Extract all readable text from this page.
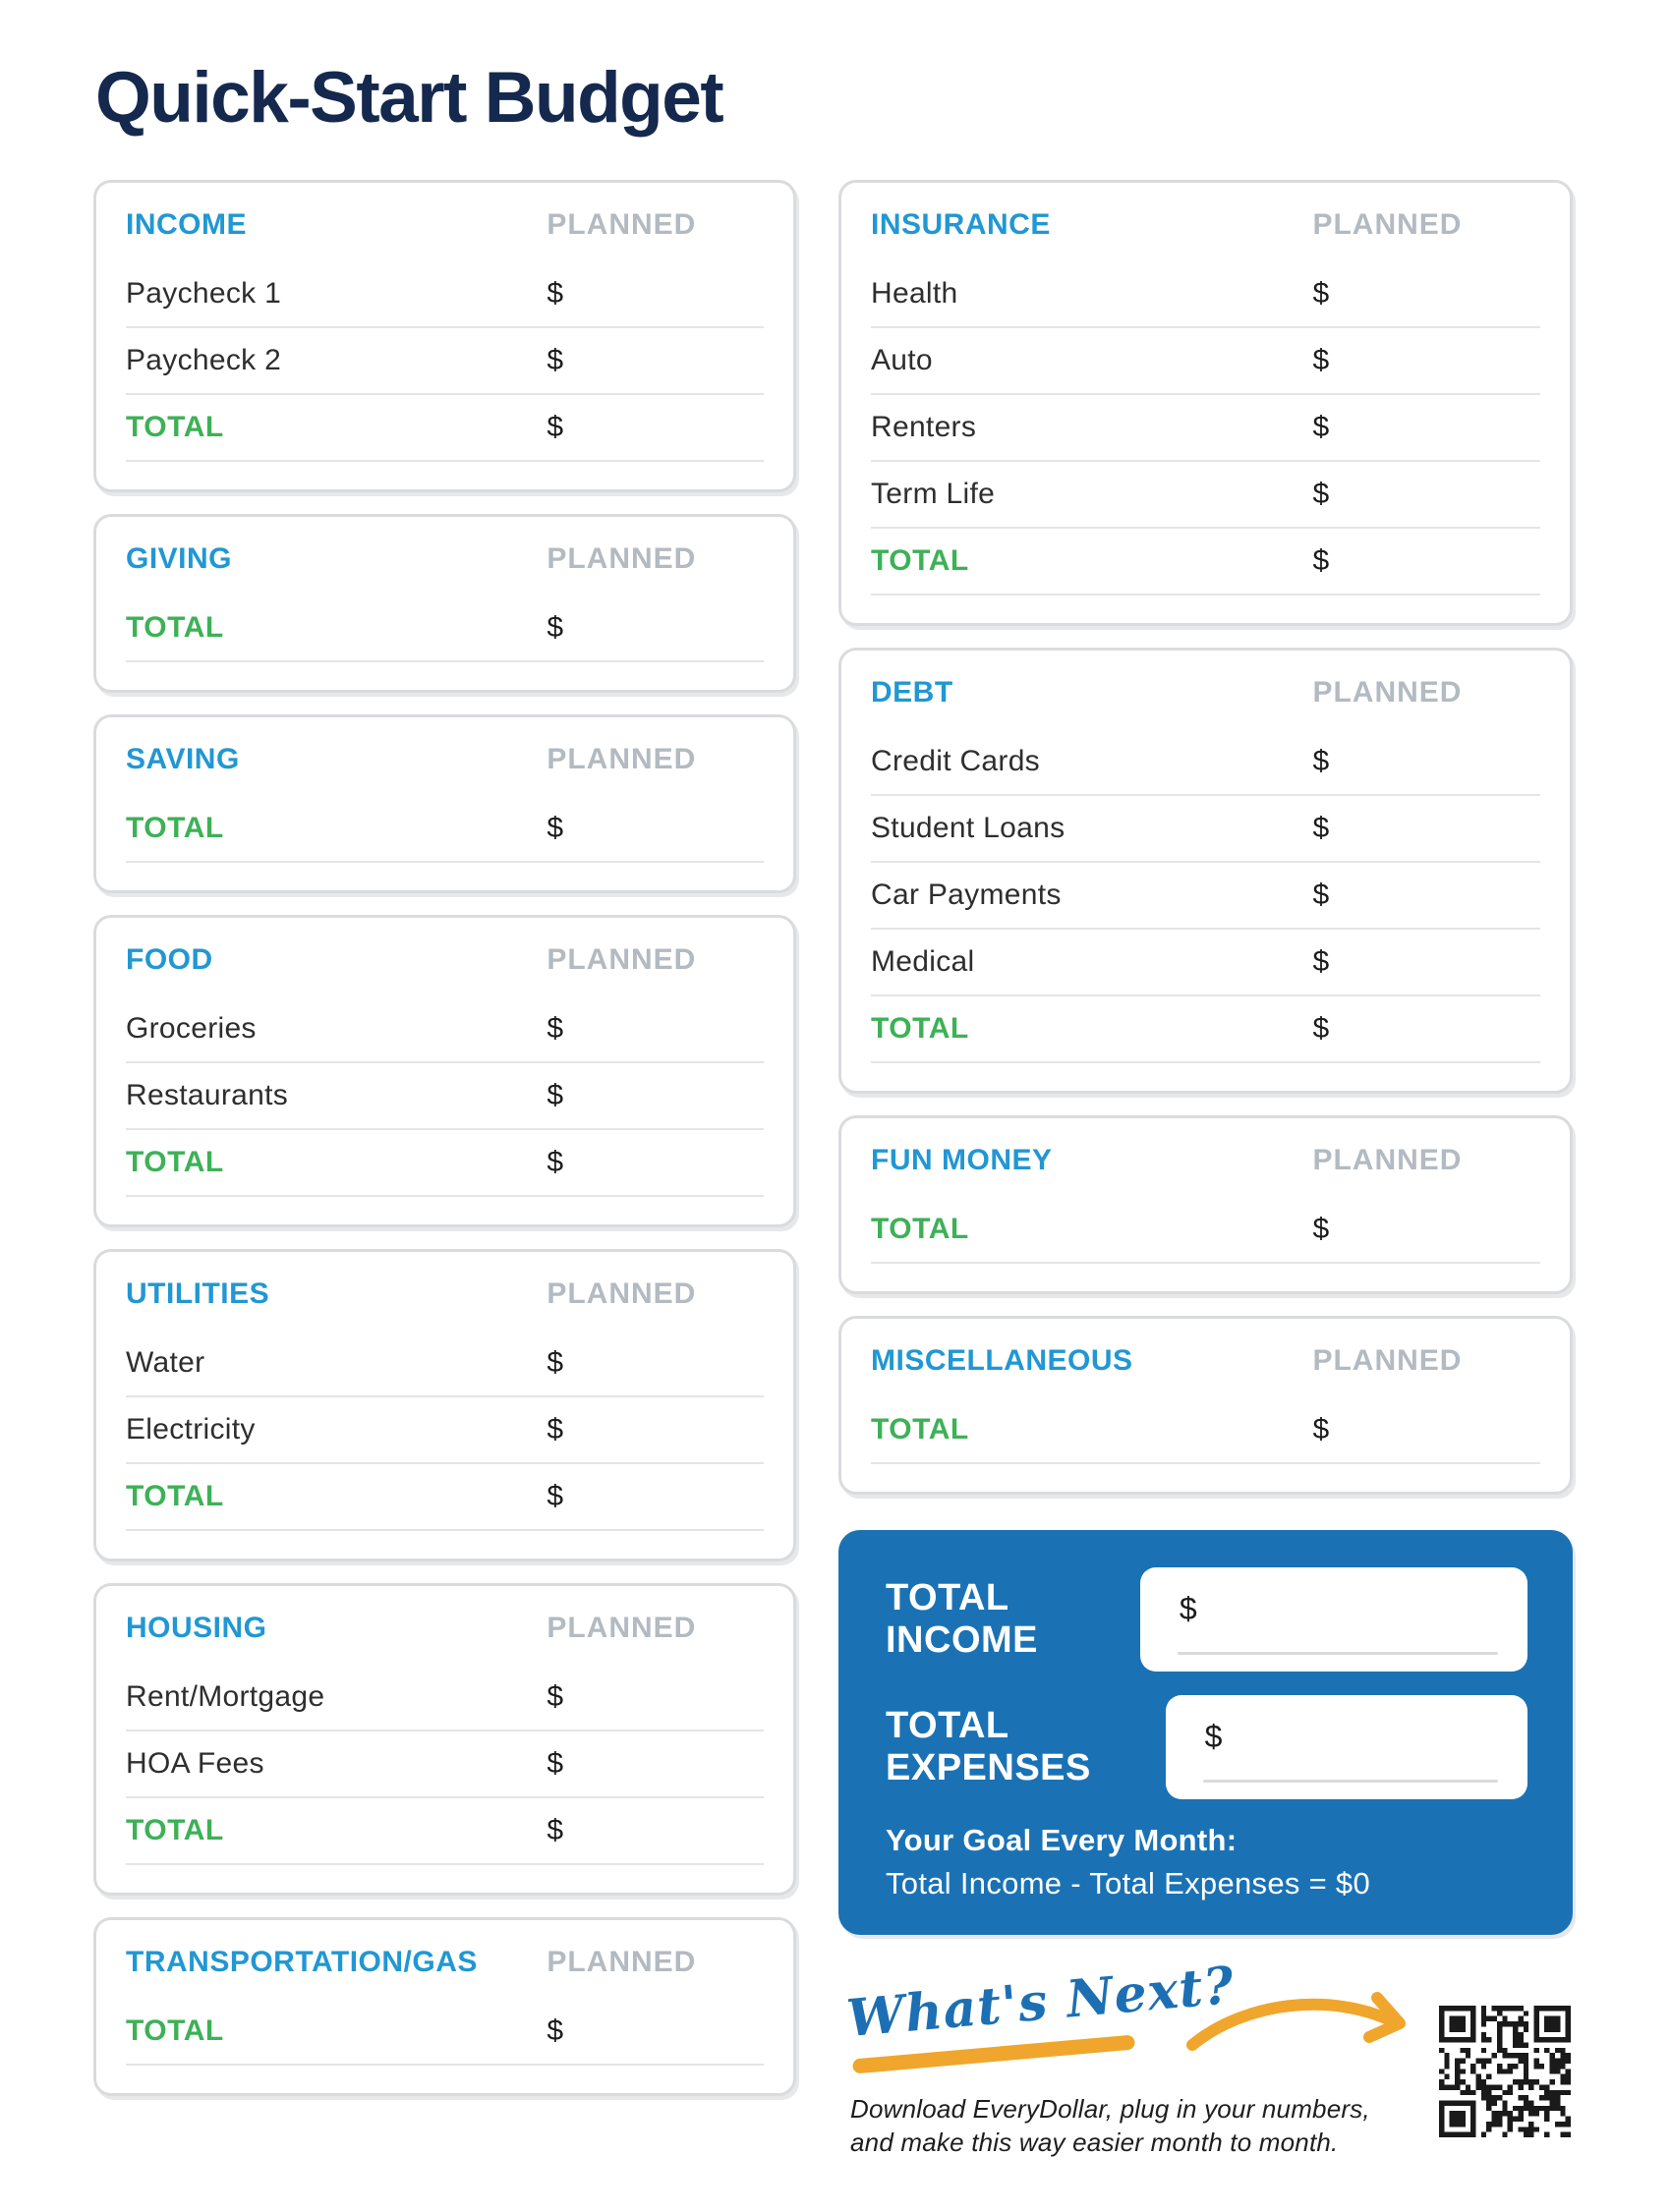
Quick-Start Budget
INCOME	PLANNED
Paycheck 1	$
Paycheck 2	$
TOTAL	$
GIVING	PLANNED
TOTAL	$
SAVING	PLANNED
TOTAL	$
FOOD	PLANNED
Groceries	$
Restaurants	$
TOTAL	$
UTILITIES	PLANNED
Water	$
Electricity	$
TOTAL	$
HOUSING	PLANNED
Rent/Mortgage	$
HOA Fees	$
TOTAL	$
TRANSPORTATION/GAS	PLANNED
TOTAL	$
INSURANCE	PLANNED
Health	$
Auto	$
Renters	$
Term Life	$
TOTAL	$
DEBT	PLANNED
Credit Cards	$
Student Loans	$
Car Payments	$
Medical	$
TOTAL	$
FUN MONEY	PLANNED
TOTAL	$
MISCELLANEOUS	PLANNED
TOTAL	$
TOTAL INCOME
$
TOTAL EXPENSES
$
Your Goal Every Month:
Total Income - Total Expenses = $0
What's Next?
Download EveryDollar, plug in your numbers,
and make this way easier month to month.
